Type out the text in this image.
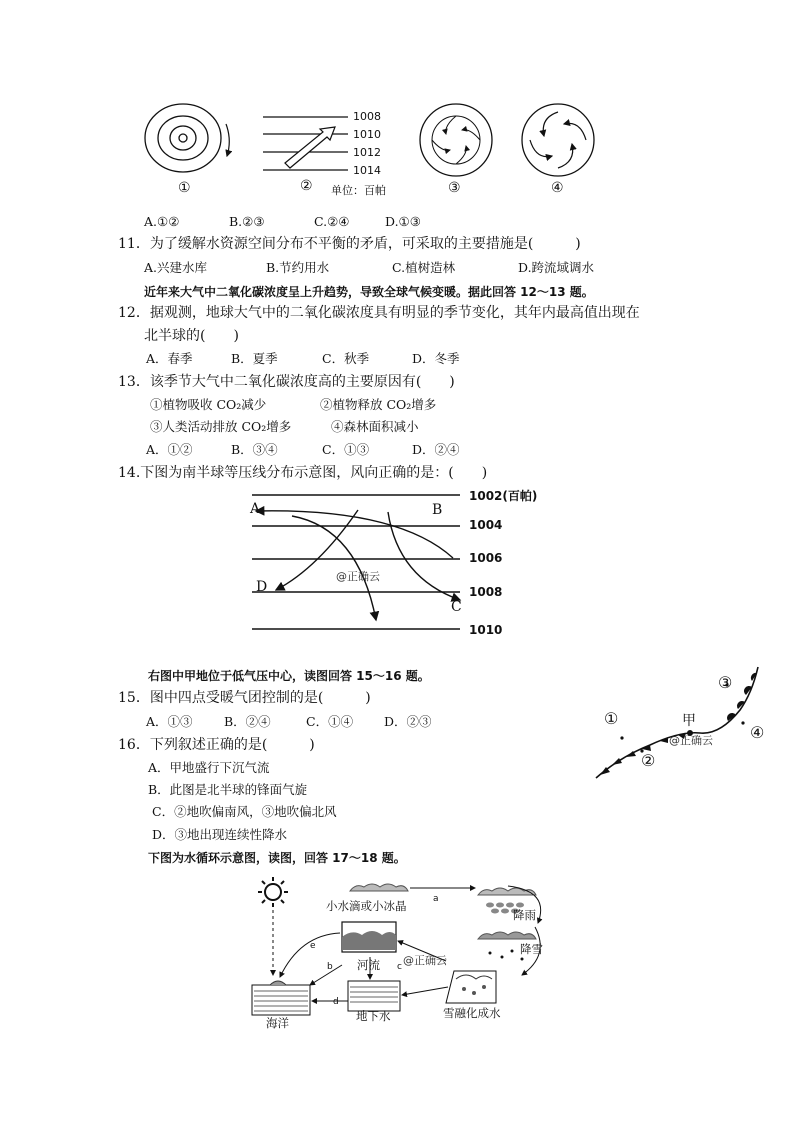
1008
1010
1012
1014
①	② 单位：百帕	③	④
A.①②	B.②③	C.②④	D.①③
11．为了缓解水资源空间分布不平衡的矛盾，可采取的主要措施是(　　　)
A.兴建水库	B.节约用水	C.植树造林	D.跨流域调水
近年来大气中二氧化碳浓度呈上升趋势，导致全球气候变暖。据此回答 12～13 题。
12．据观测，地球大气中的二氧化碳浓度具有明显的季节变化，其年内最高值出现在
北半球的(　　)
A．春季	B．夏季	C．秋季	D．冬季
13．该季节大气中二氧化碳浓度高的主要原因有(　　)
①植物吸收 CO₂减少	②植物释放 CO₂增多
③人类活动排放 CO₂增多	④森林面积减小
A．①②	B．③④	C．①③	D．②④
14.下图为南半球等压线分布示意图，风向正确的是：(　　)
1002(百帕)
1004
1006
1008
1010
A	B
C
D
@正确云
右图中甲地位于低气压中心，读图回答 15～16 题。
15．图中四点受暖气团控制的是(　　　)
A．①③	B．②④	C．①④ D．②③
16．下列叙述正确的是(　　　)
A．甲地盛行下沉气流
B．此图是北半球的锋面气旋
C．②地吹偏南风，③地吹偏北风
D．③地出现连续性降水
①
②
③
④
甲
@正确云
下图为水循环示意图，读图，回答 17～18 题。
小水滴或小冰晶
降雨
降雪
河流 @正确云
海洋	地下水	雪融化成水
a
b	c
d
e
